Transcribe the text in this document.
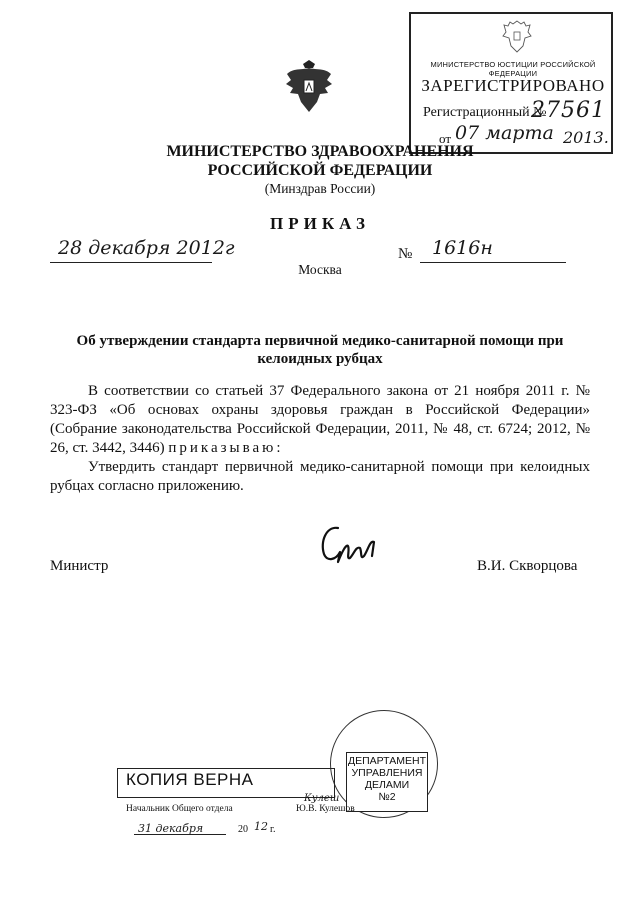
МИНИСТЕРСТВО ЮСТИЦИИ РОССИЙСКОЙ ФЕДЕРАЦИИ
ЗАРЕГИСТРИРОВАНО
Регистрационный №
27561
от 07 марта 2013.
МИНИСТЕРСТВО ЗДРАВООХРАНЕНИЯ
РОССИЙСКОЙ ФЕДЕРАЦИИ
(Минздрав России)
ПРИКАЗ
28 декабря 2012г	№ 1616н
Москва
Об утверждении стандарта первичной медико-санитарной помощи при келоидных рубцах

В соответствии со статьей 37 Федерального закона от 21 ноября 2011 г. № 323-ФЗ «Об основах охраны здоровья граждан в Российской Федерации» (Собрание законодательства Российской Федерации, 2011, № 48, ст. 6724; 2012, № 26, ст. 3442, 3446) приказываю:

Утвердить стандарт первичной медико-санитарной помощи при келоидных рубцах согласно приложению.

Министр	В.И. Скворцова
ДЕПАРТАМЕНТ
УПРАВЛЕНИЯ
ДЕЛАМИ
№2
КОПИЯ ВЕРНА
Начальник Общего отдела
Кулеш
Ю.В. Кулешов
31 декабря	20 12 г.
